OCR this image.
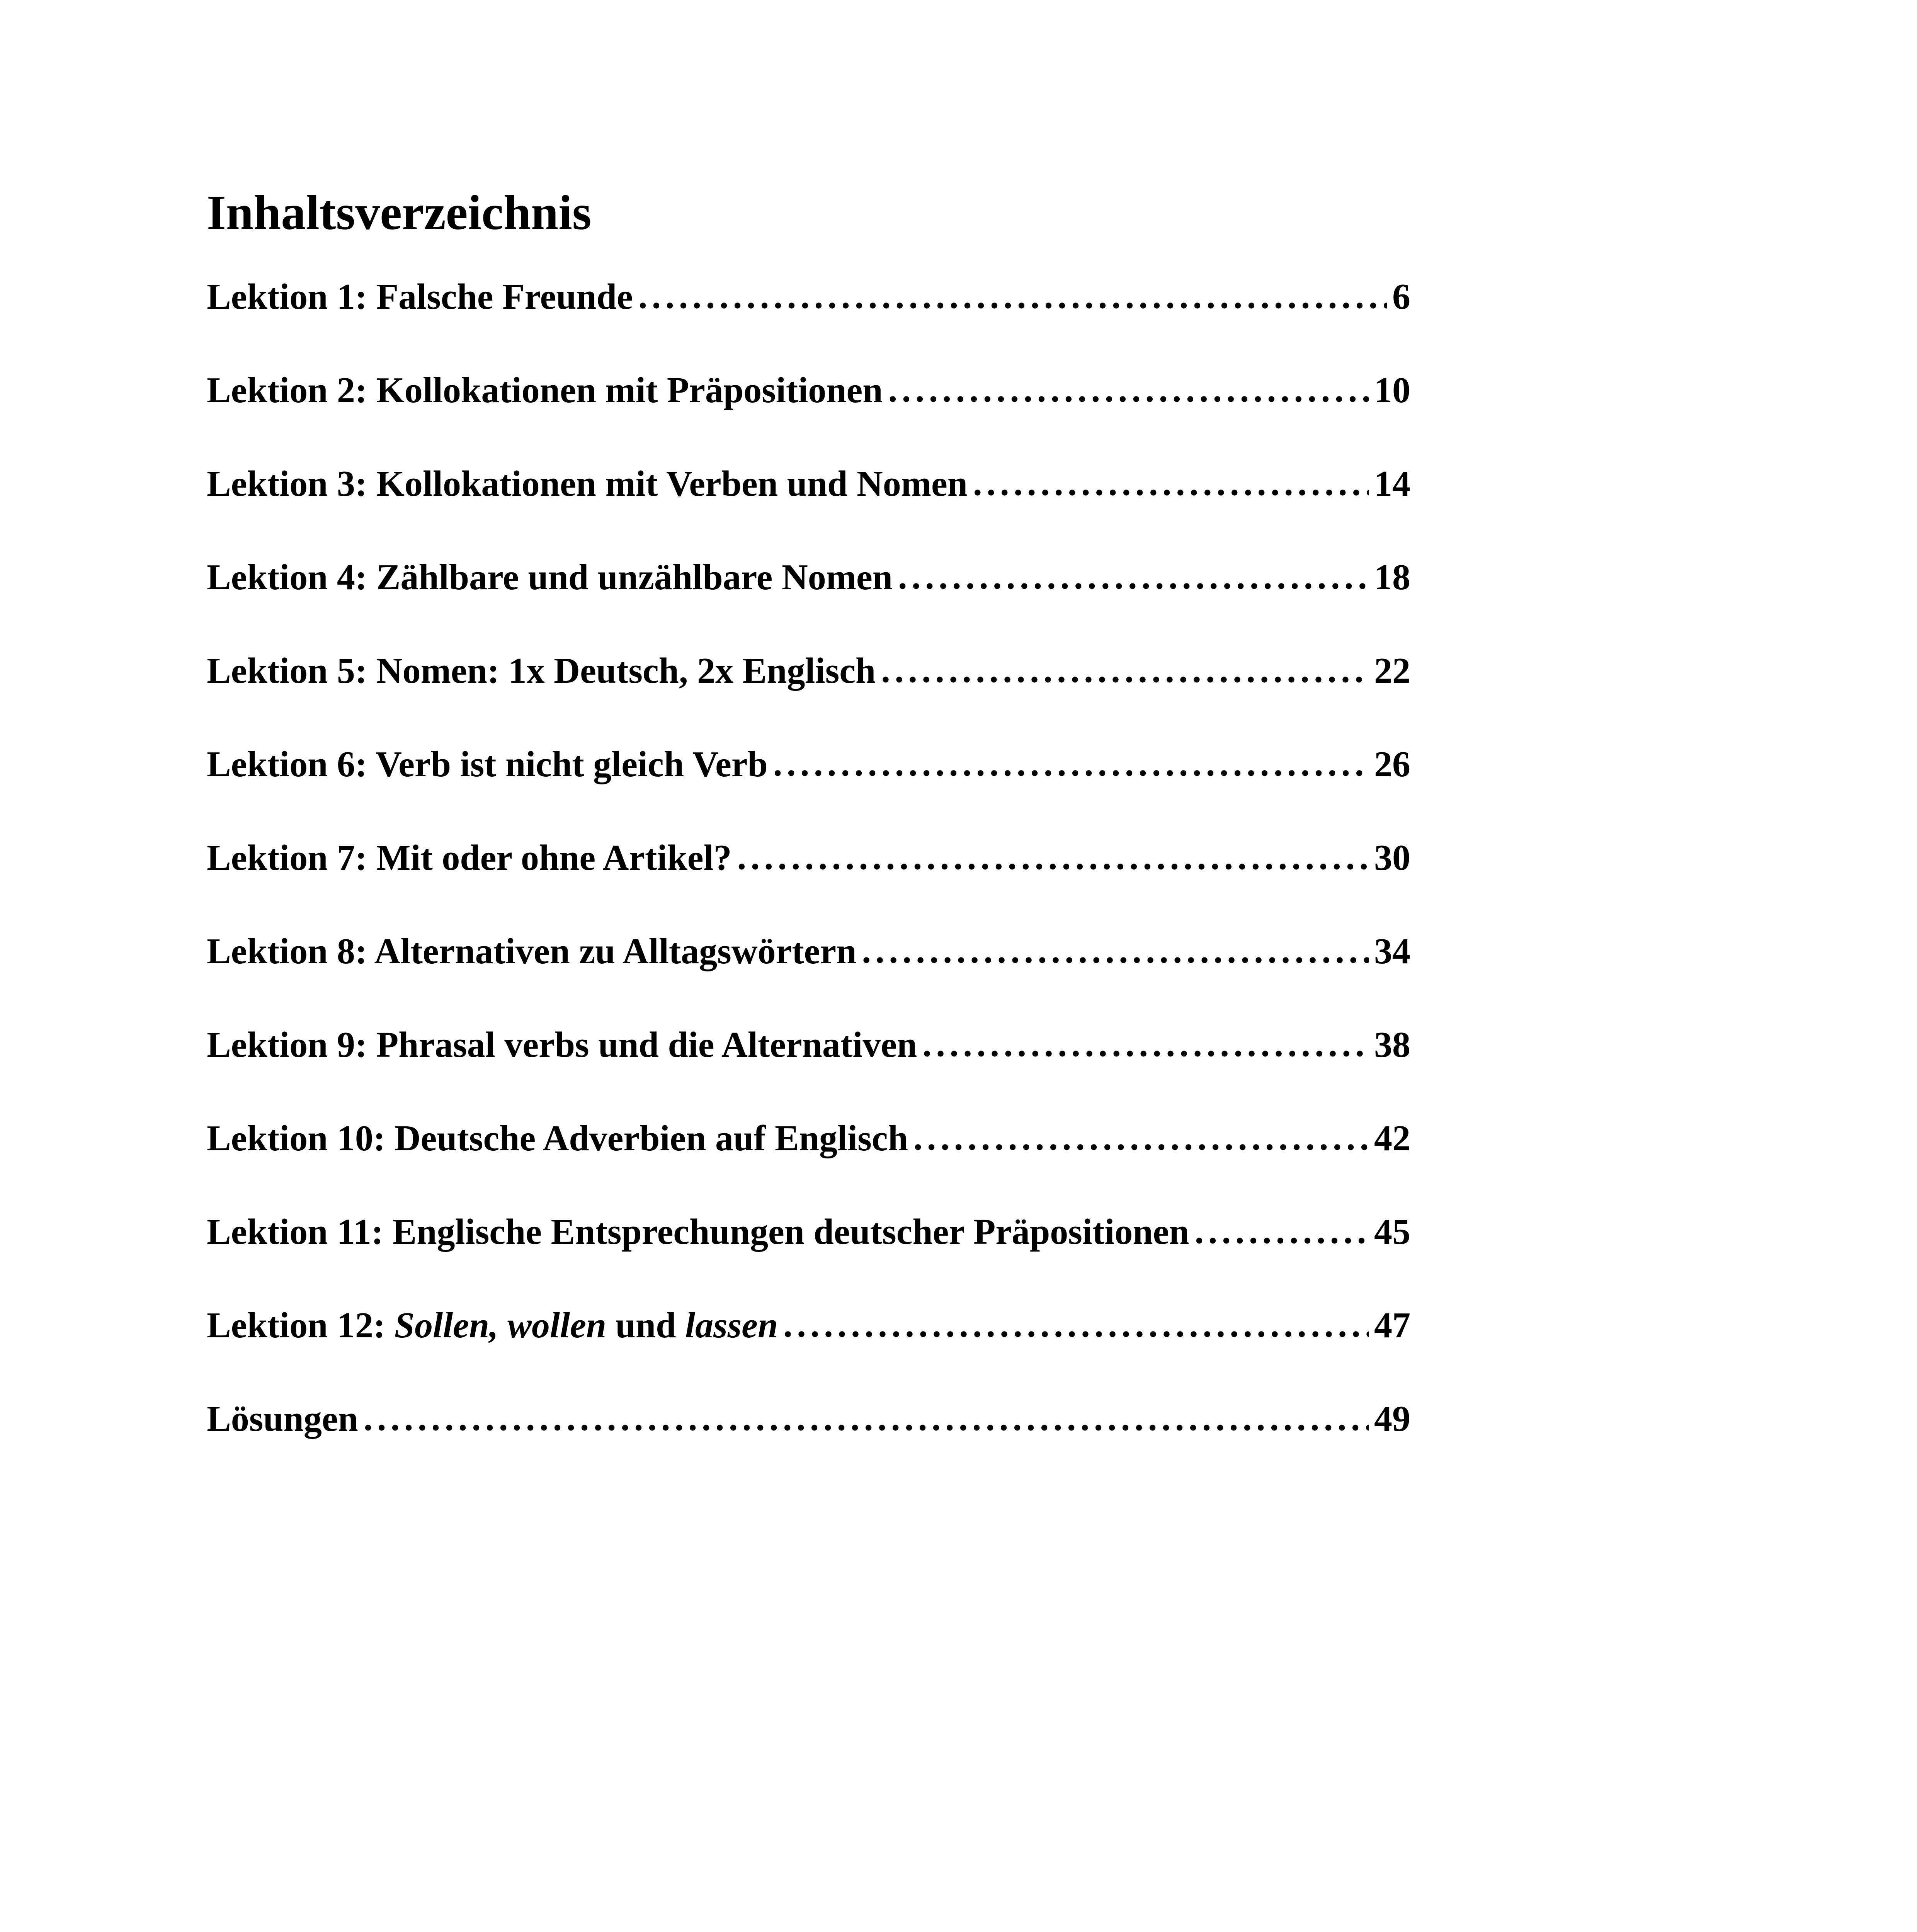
Inhaltsverzeichnis
Lektion 1: Falsche Freunde . . .	6
Lektion 2: Kollokationen mit Präpositionen . . .	10
Lektion 3: Kollokationen mit Verben und Nomen . . .	14
Lektion 4: Zählbare und unzählbare Nomen . . .	18
Lektion 5: Nomen: 1x Deutsch, 2x Englisch . . .	22
Lektion 6: Verb ist nicht gleich Verb . . .	26
Lektion 7: Mit oder ohne Artikel? . . .	30
Lektion 8: Alternativen zu Alltagswörtern . . .	34
Lektion 9: Phrasal verbs und die Alternativen . . .	38
Lektion 10: Deutsche Adverbien auf Englisch . . .	42
Lektion 11: Englische Entsprechungen deutscher Präpositionen . . .	45
Lektion 12: Sollen, wollen und lassen . . .	47
Lösungen . . .	49
